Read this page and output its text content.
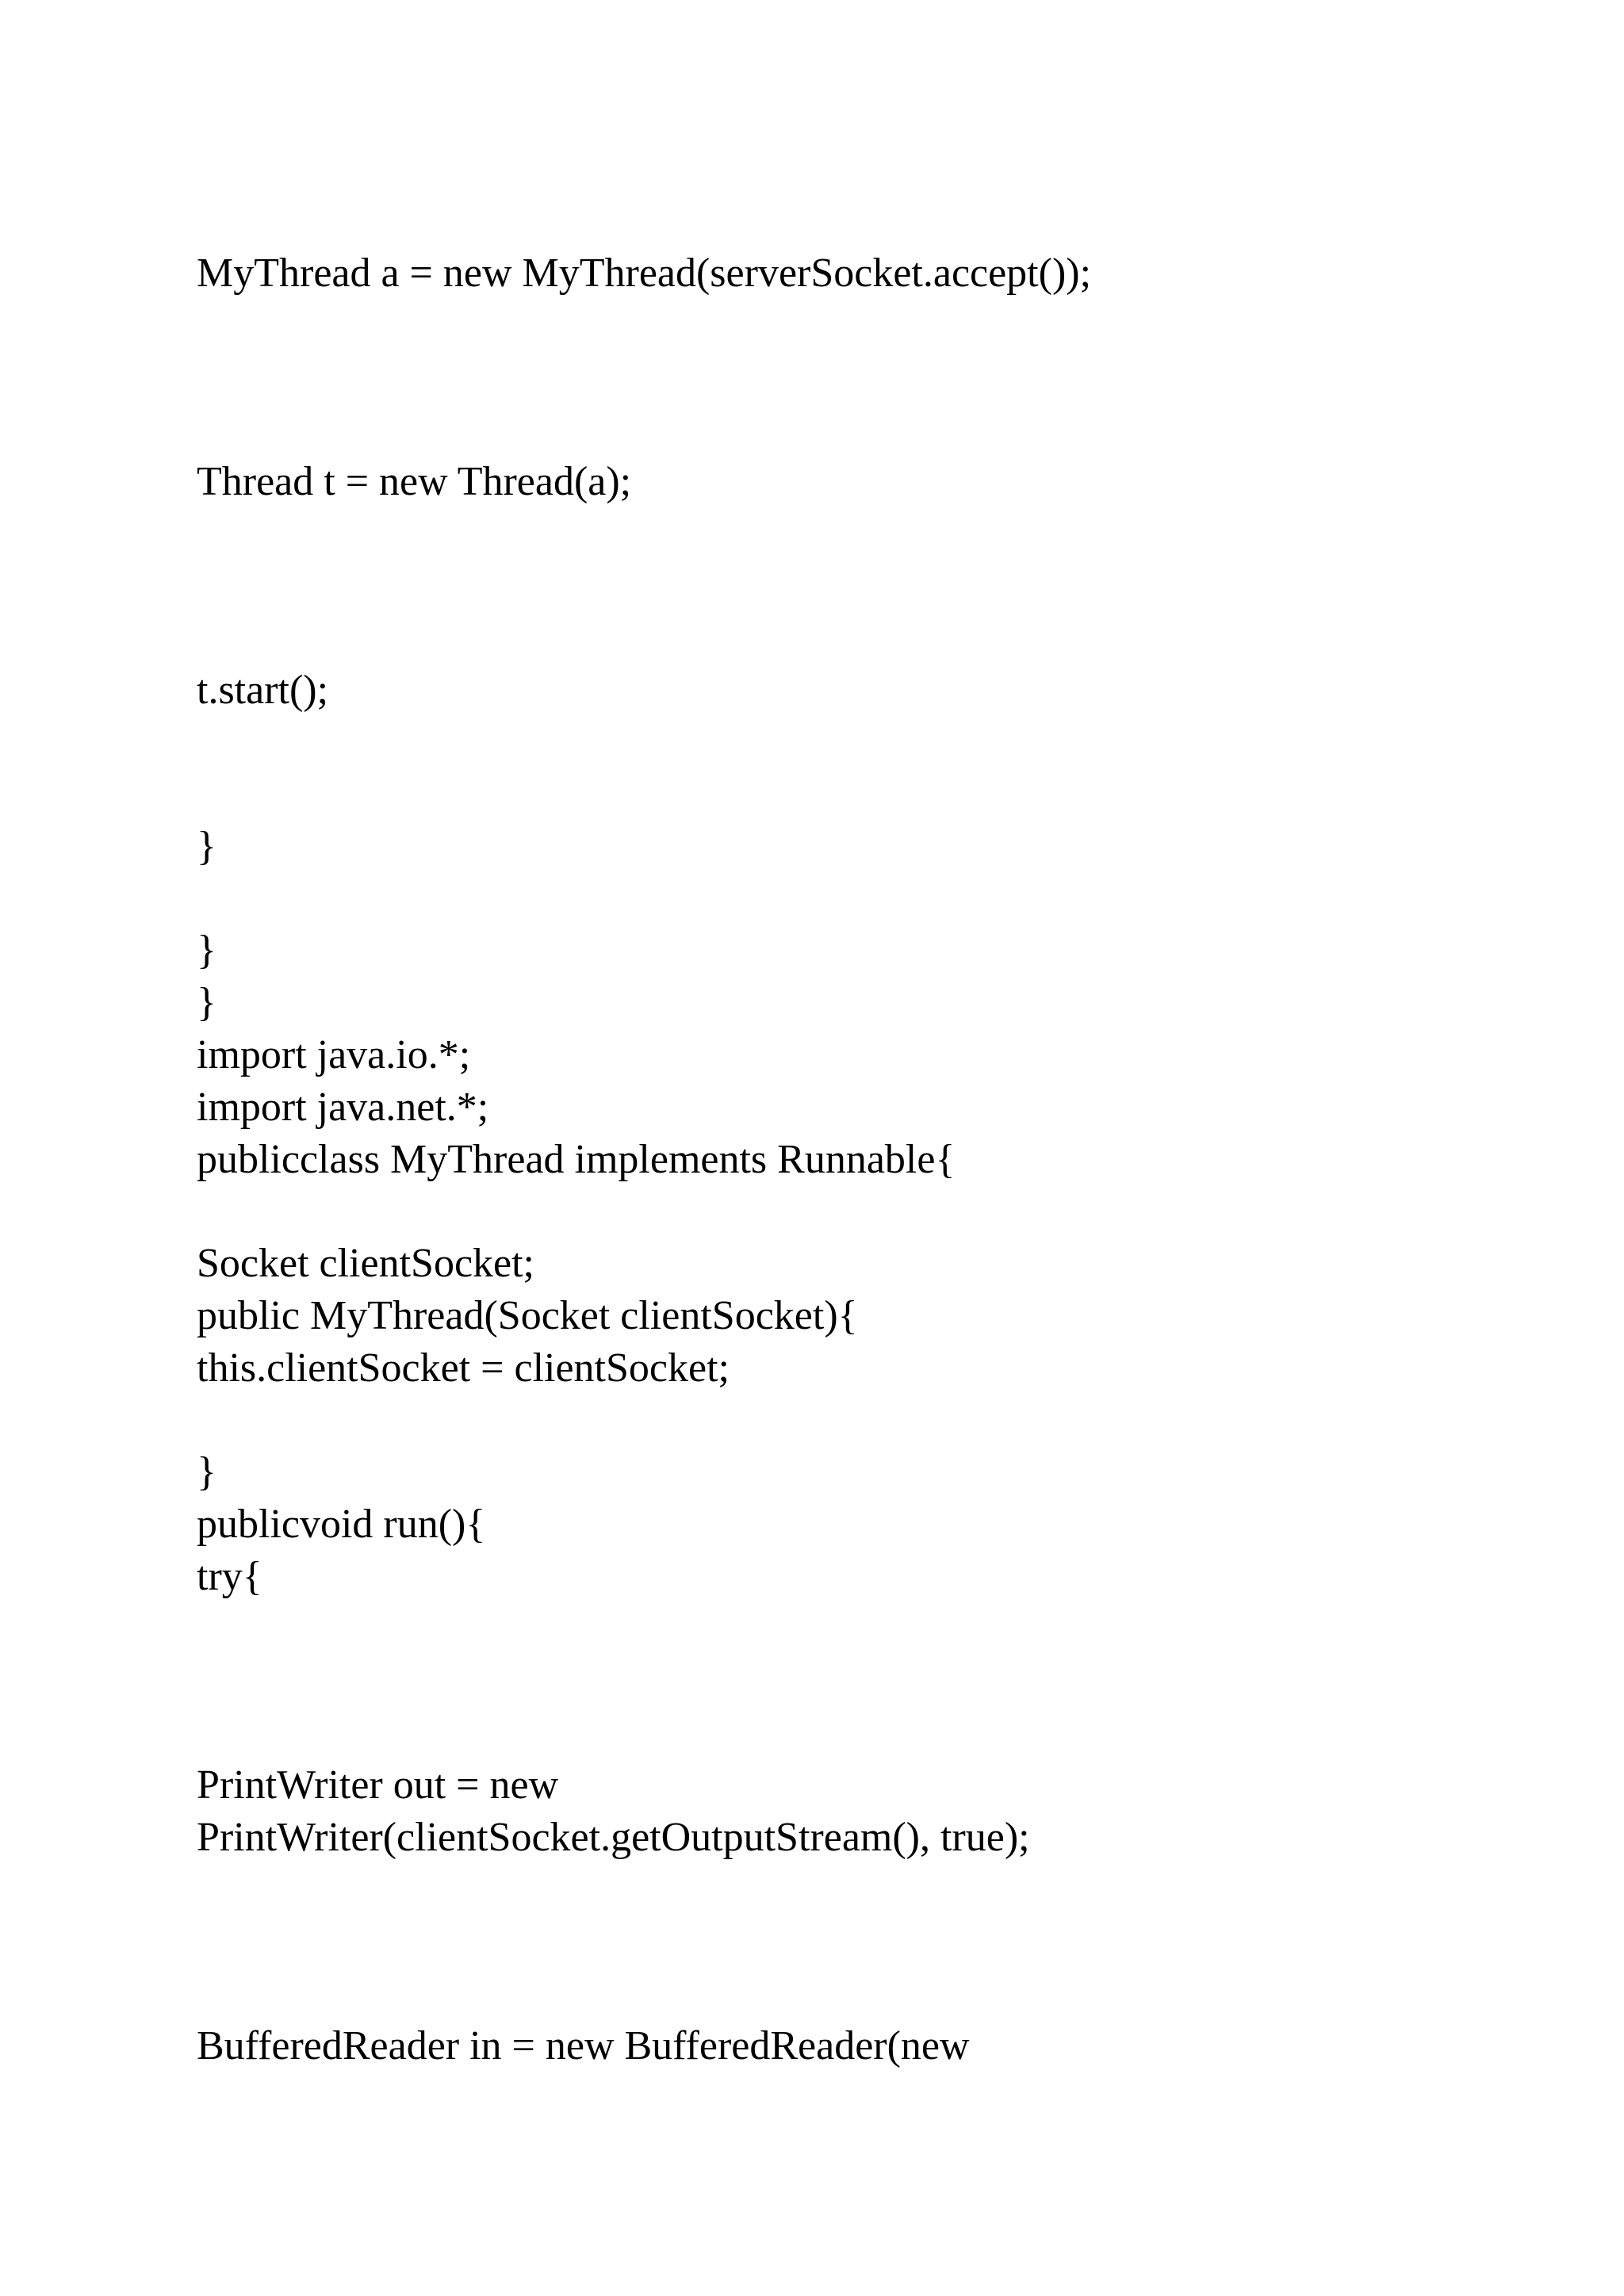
MyThread a = new MyThread(serverSocket.accept());

Thread t = new Thread(a);

t.start();

}

}

}

import java.io.*;

import java.net.*;

publicclass MyThread implements Runnable{

Socket clientSocket;

public MyThread(Socket clientSocket){

this.clientSocket = clientSocket;

}

publicvoid run(){

try{

PrintWriter out = new

PrintWriter(clientSocket.getOutputStream(), true);

BufferedReader in = new BufferedReader(new
